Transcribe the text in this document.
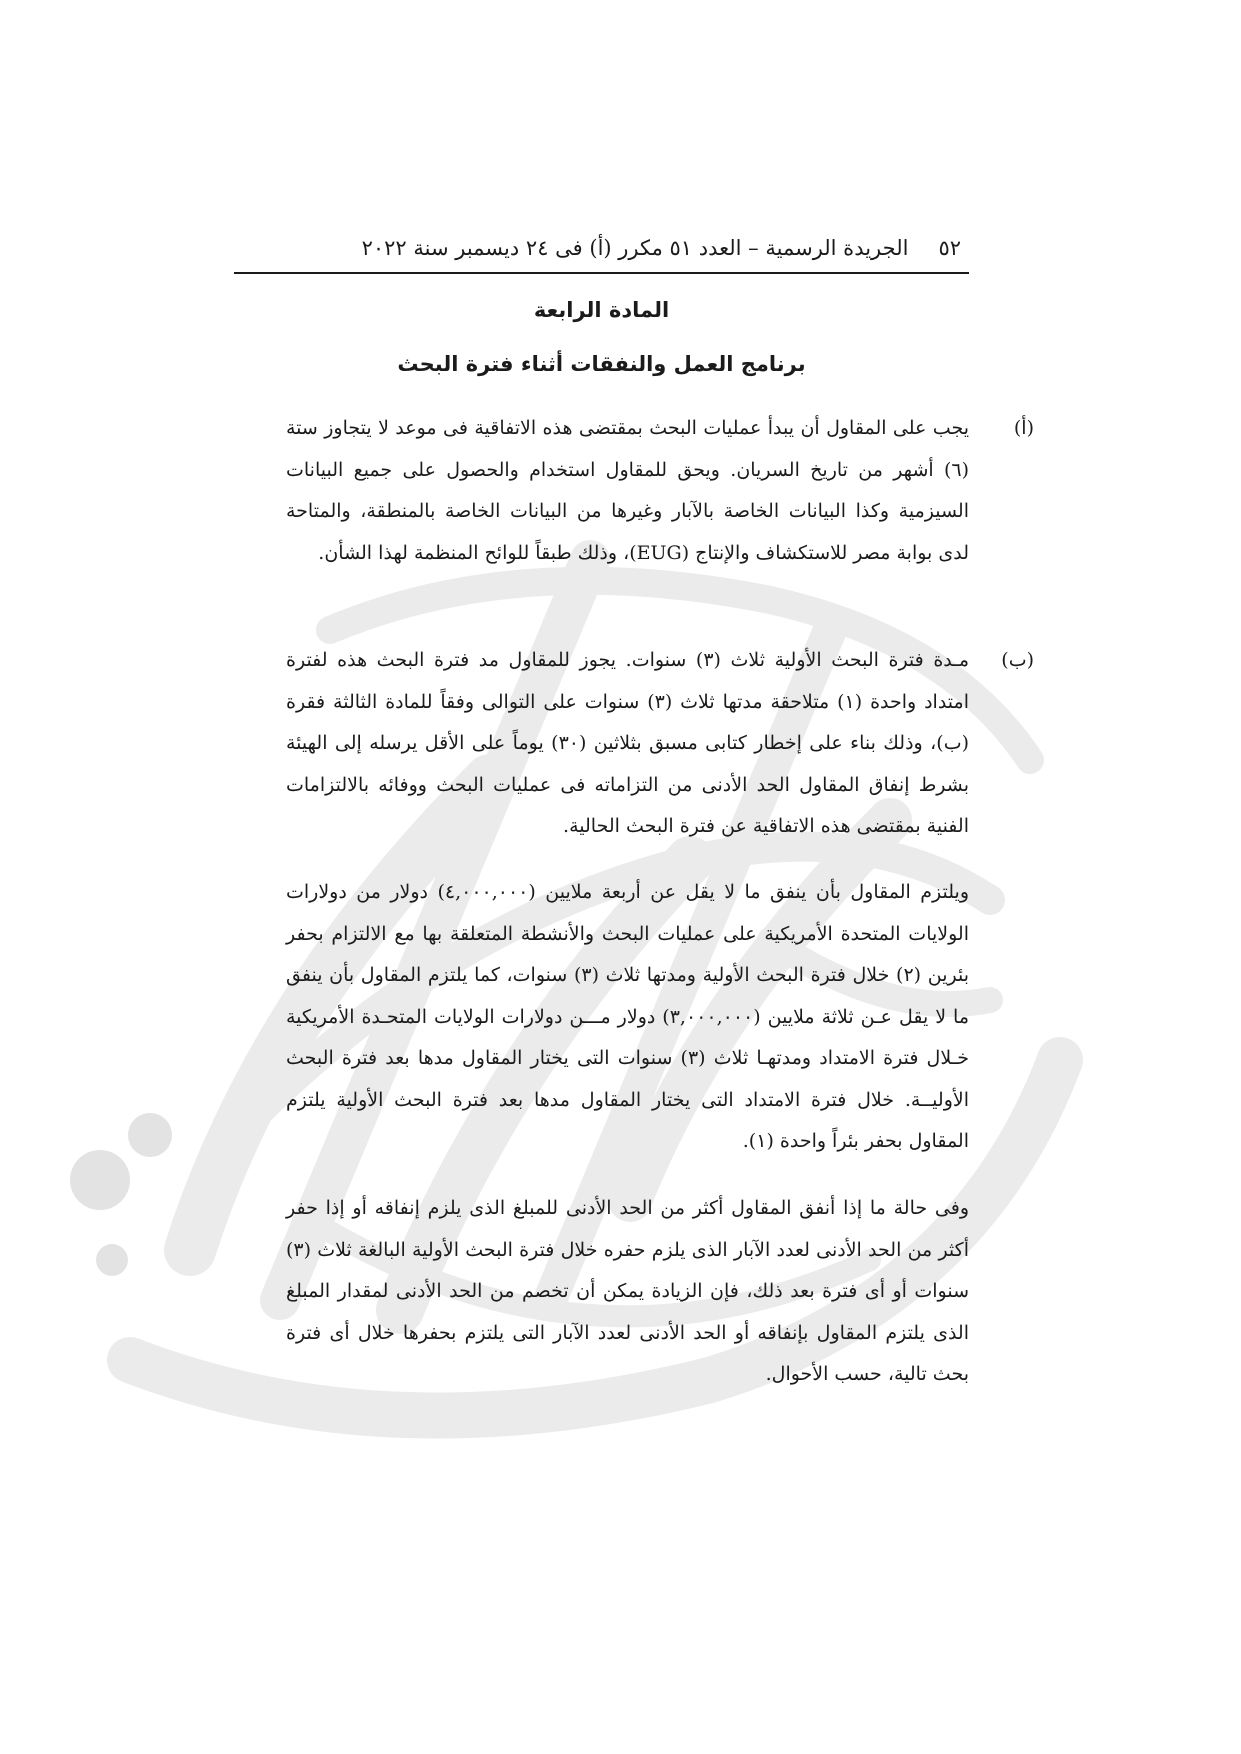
٥٢
الجريدة الرسمية – العدد ٥١ مكرر (أ) فى ٢٤ ديسمبر سنة ٢٠٢٢
المادة الرابعة
برنامج العمل والنفقات أثناء فترة البحث
(أ)
يجب على المقاول أن يبدأ عمليات البحث بمقتضى هذه الاتفاقية فى موعد لا يتجاوز ستة (٦) أشهر من تاريخ السريان. ويحق للمقاول استخدام والحصول على جميع البيانات السيزمية وكذا البيانات الخاصة بالآبار وغيرها من البيانات الخاصة بالمنطقة، والمتاحة لدى بوابة مصر للاستكشاف والإنتاج (EUG)، وذلك طبقاً للوائح المنظمة لهذا الشأن.
(ب)
مـدة فترة البحث الأولية ثلاث (٣) سنوات. يجوز للمقاول مد فترة البحث هذه لفترة امتداد واحدة (١) متلاحقة مدتها ثلاث (٣) سنوات على التوالى وفقاً للمادة الثالثة فقرة (ب)، وذلك بناء على إخطار كتابى مسبق بثلاثين (٣٠) يوماً على الأقل يرسله إلى الهيئة بشرط إنفاق المقاول الحد الأدنى من التزاماته فى عمليات البحث ووفائه بالالتزامات الفنية بمقتضى هذه الاتفاقية عن فترة البحث الحالية.
ويلتزم المقاول بأن ينفق ما لا يقل عن أربعة ملايين (٤,٠٠٠,٠٠٠) دولار من دولارات الولايات المتحدة الأمريكية على عمليات البحث والأنشطة المتعلقة بها مع الالتزام بحفر بئرين (٢) خلال فترة البحث الأولية ومدتها ثلاث (٣) سنوات، كما يلتزم المقاول بأن ينفق ما لا يقل عـن ثلاثة ملايين (٣,٠٠٠,٠٠٠) دولار مـــن دولارات الولايات المتحـدة الأمريكية خـلال فترة الامتداد ومدتهـا ثلاث (٣) سنوات التى يختار المقاول مدها بعد فترة البحث الأوليــة. خلال فترة الامتداد التى يختار المقاول مدها بعد فترة البحث الأولية يلتزم المقاول بحفر بئراً واحدة (١).
وفى حالة ما إذا أنفق المقاول أكثر من الحد الأدنى للمبلغ الذى يلزم إنفاقه أو إذا حفر أكثر من الحد الأدنى لعدد الآبار الذى يلزم حفره خلال فترة البحث الأولية البالغة ثلاث (٣) سنوات أو أى فترة بعد ذلك، فإن الزيادة يمكن أن تخصم من الحد الأدنى لمقدار المبلغ الذى يلتزم المقاول بإنفاقه أو الحد الأدنى لعدد الآبار التى يلتزم بحفرها خلال أى فترة بحث تالية، حسب الأحوال.
